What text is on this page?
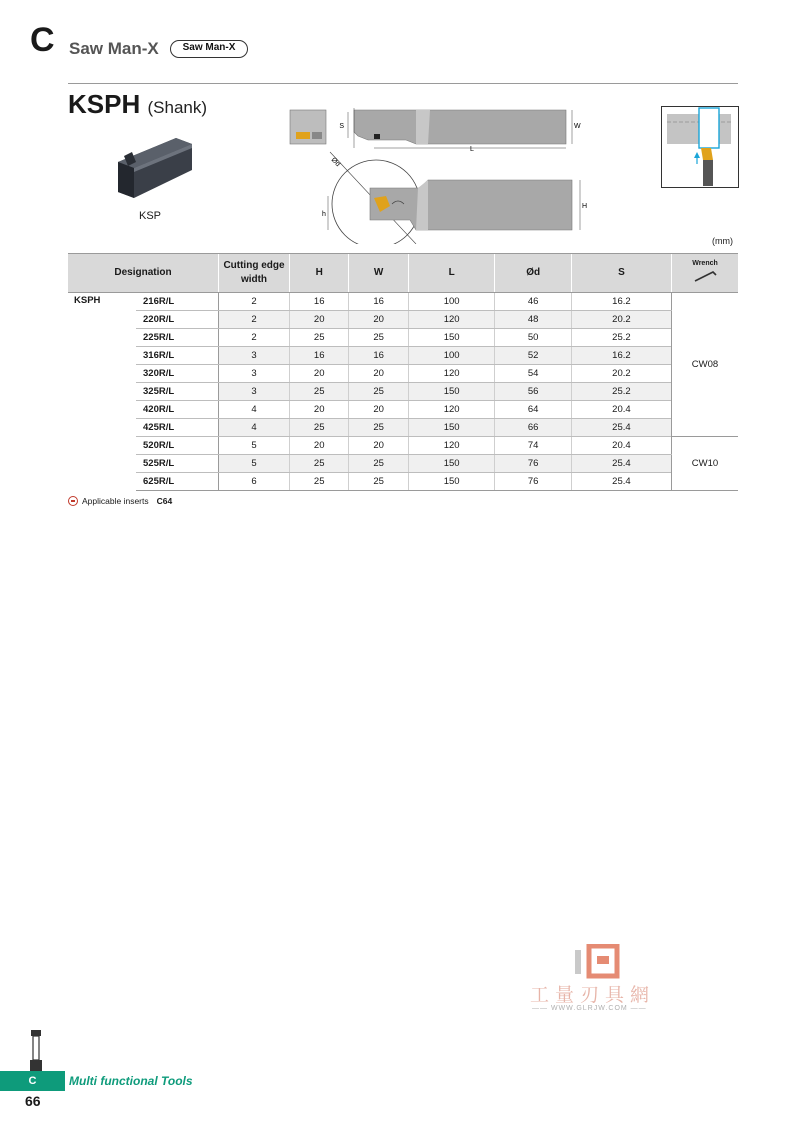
C Saw Man-X	Saw Man-X
KSPH (Shank)
KSP
S
L
W
Ød
h
H
(mm)
Designation		Cutting edge width	H	W	L	Ød	S	Wrench

KSPH	216R/L	2	16	16	100	46	16.2	CW08
	220R/L	2	20	20	120	48	20.2	
	225R/L	2	25	25	150	50	25.2	
	316R/L	3	16	16	100	52	16.2	
	320R/L	3	20	20	120	54	20.2	
	325R/L	3	25	25	150	56	25.2	
	420R/L	4	20	20	120	64	20.4	
	425R/L	4	25	25	150	66	25.4	
	520R/L	5	20	20	120	74	20.4	CW10
	525R/L	5	25	25	150	76	25.4	
	625R/L	6	25	25	150	76	25.4	
Applicable inserts C64
工量刃具網
—— WWW.GLRJW.COM ——
C	Multi functional Tools
66
